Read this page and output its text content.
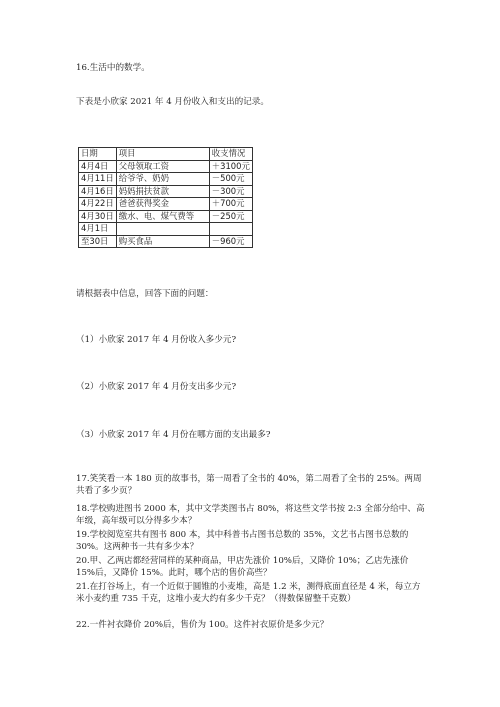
16.生活中的数学。
下表是小欣家 2021 年 4 月份收入和支出的记录。
日期	项目	收支情况
4月4日	父母领取工资	＋3100元
4月11日	给爷爷、奶奶	－500元
4月16日	妈妈捐扶贫款	－300元
4月22日	爸爸获得奖金	＋700元
4月30日	缴水、电、煤气费等	－250元
4月1日		
至30日	购买食品	－960元
请根据表中信息，回答下面的问题：
（1）小欣家 2017 年 4 月份收入多少元?
（2）小欣家 2017 年 4 月份支出多少元?
（3）小欣家 2017 年 4 月份在哪方面的支出最多?
17.笑笑看一本 180 页的故事书，第一周看了全书的 40%，第二周看了全书的 25%。两周共看了多少页？
18.学校购进图书 2000 本，其中文学类图书占 80%，将这些文学书按 2:3 全部分给中、高年级，高年级可以分得多少本？
19.学校阅览室共有图书 800 本，其中科普书占图书总数的 35%，文艺书占图书总数的 30%。这两种书一共有多少本？
20.甲、乙两店都经营同样的某种商品，甲店先涨价 10%后，又降价 10%；乙店先涨价 15%后，又降价 15%。此时，哪个店的售价高些？
21.在打谷场上，有一个近似于圆锥的小麦堆，高是 1.2 米，测得底面直径是 4 米，每立方米小麦约重 735 千克，这堆小麦大约有多少千克？（得数保留整千克数）
22.一件衬衣降价 20%后，售价为 100。这件衬衣原价是多少元？
